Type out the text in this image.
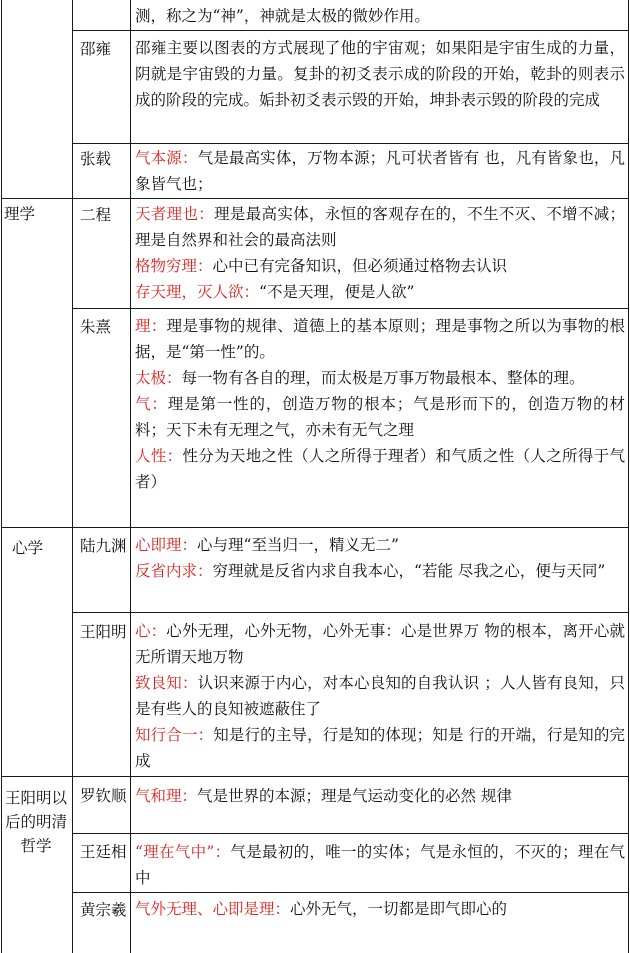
理学
心学
王阳明以后的明清哲学
邵雍
张载
二程
朱熹
陆九渊
王阳明
罗钦顺
王廷相
黄宗羲

测，称之为“神”，神就是太极的微妙作用。

邵雍主要以图表的方式展现了他的宇宙观；如果阳是宇宙生成的力量，阴就是宇宙毁的力量。复卦的初爻表示成的阶段的开始，乾卦的则表示成的阶段的完成。姤卦初爻表示毁的开始，坤卦表示毁的阶段的完成

气本源：气是最高实体，万物本源；凡可状者皆有 也，凡有皆象也，凡象皆气也；

天者理也：理是最高实体，永恒的客观存在的，不生不灭、不增不减；理是自然界和社会的最高法则

格物穷理：心中已有完备知识，但必须通过格物去认识

存天理，灭人欲：“不是天理，便是人欲”

理：理是事物的规律、道德上的基本原则；理是事物之所以为事物的根据，是“第一性”的。

太极：每一物有各自的理，而太极是万事万物最根本、整体的理。

气：理是第一性的，创造万物的根本；气是形而下的，创造万物的材料；天下未有无理之气，亦未有无气之理

人性：性分为天地之性（人之所得于理者）和气质之性（人之所得于气者）

心即理：心与理“至当归一，精义无二”

反省内求：穷理就是反省内求自我本心，“若能 尽我之心，便与天同”

心：心外无理，心外无物，心外无事：心是世界万 物的根本，离开心就无所谓天地万物

致良知：认识来源于内心，对本心良知的自我认识 ；人人皆有良知，只是有些人的良知被遮蔽住了

知行合一：知是行的主导，行是知的体现；知是 行的开端，行是知的完成

气和理：气是世界的本源；理是气运动变化的必然 规律

“理在气中”：气是最初的，唯一的实体；气是永恒的，不灭的；理在气中

气外无理、心即是理：心外无气，一切都是即气即心的
